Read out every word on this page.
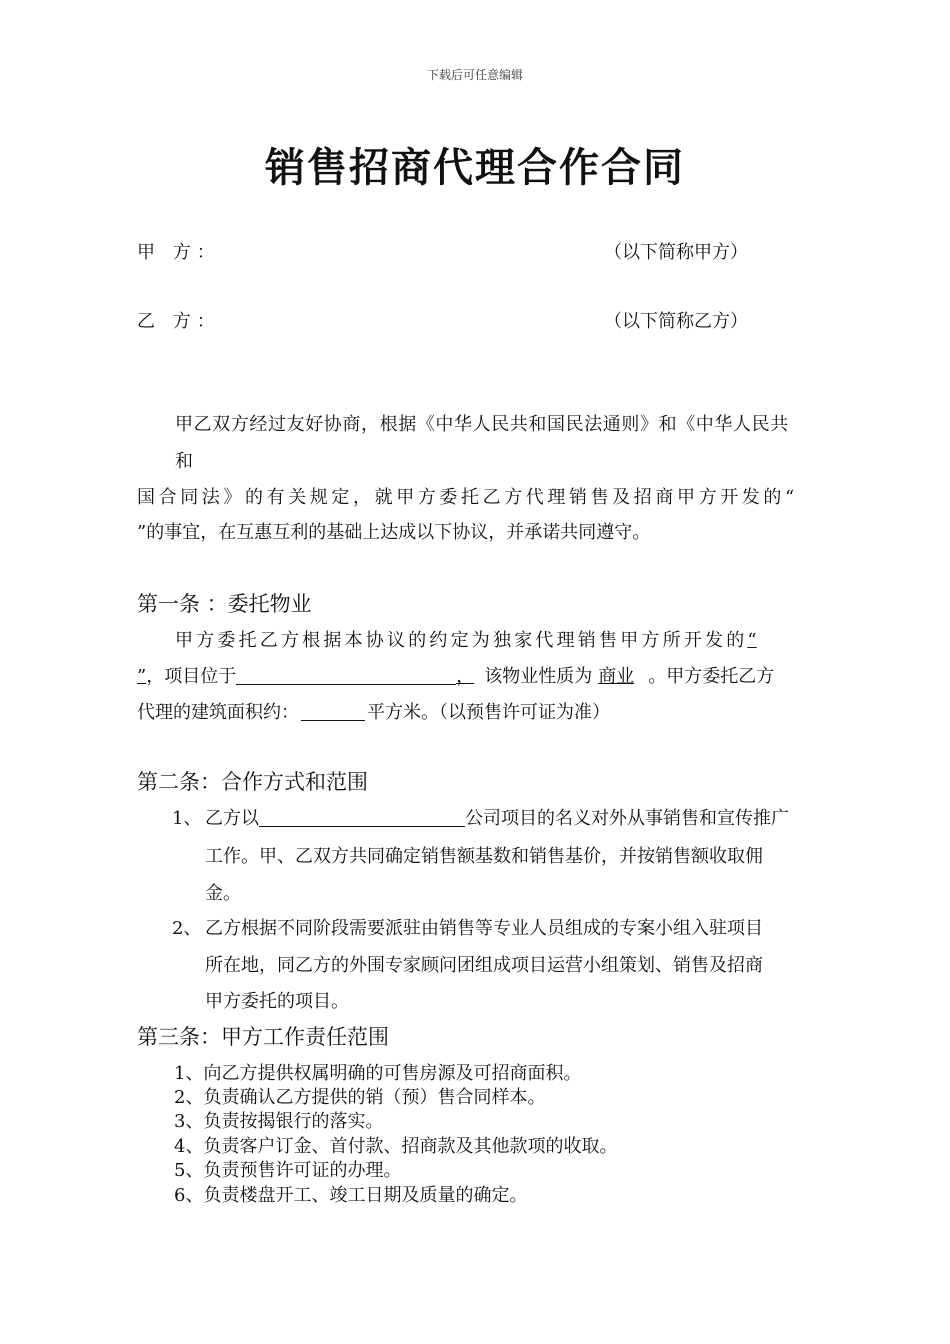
下载后可任意编辑
销售招商代理合作合同
甲 方：	（以下简称甲方）
乙 方：	（以下简称乙方）
甲乙双方经过友好协商，根据《中华人民共和国民法通则》和《中华人民共
和
国合同法》的有关规定，就甲方委托乙方代理销售及招商甲方开发的“
”的事宜，在互惠互利的基础上达成以下协议，并承诺共同遵守。
第一条 ：委托物业
甲方委托乙方根据本协议的约定为独家代理销售甲方所开发的“
”，项目位于	， 该物业性质为 商业 。甲方委托乙方
代理的建筑面积约：	平方米。（以预售许可证为准）
第二条：合作方式和范围
1、 乙方以	公司项目的名义对外从事销售和宣传推广
工作。甲、乙双方共同确定销售额基数和销售基价，并按销售额收取佣
金。
2、 乙方根据不同阶段需要派驻由销售等专业人员组成的专案小组入驻项目
所在地，同乙方的外围专家顾问团组成项目运营小组策划、销售及招商
甲方委托的项目。
第三条：甲方工作责任范围
1、向乙方提供权属明确的可售房源及可招商面积。
2、负责确认乙方提供的销（预）售合同样本。
3、负责按揭银行的落实。
4、负责客户订金、首付款、招商款及其他款项的收取。
5、负责预售许可证的办理。
6、负责楼盘开工、竣工日期及质量的确定。
